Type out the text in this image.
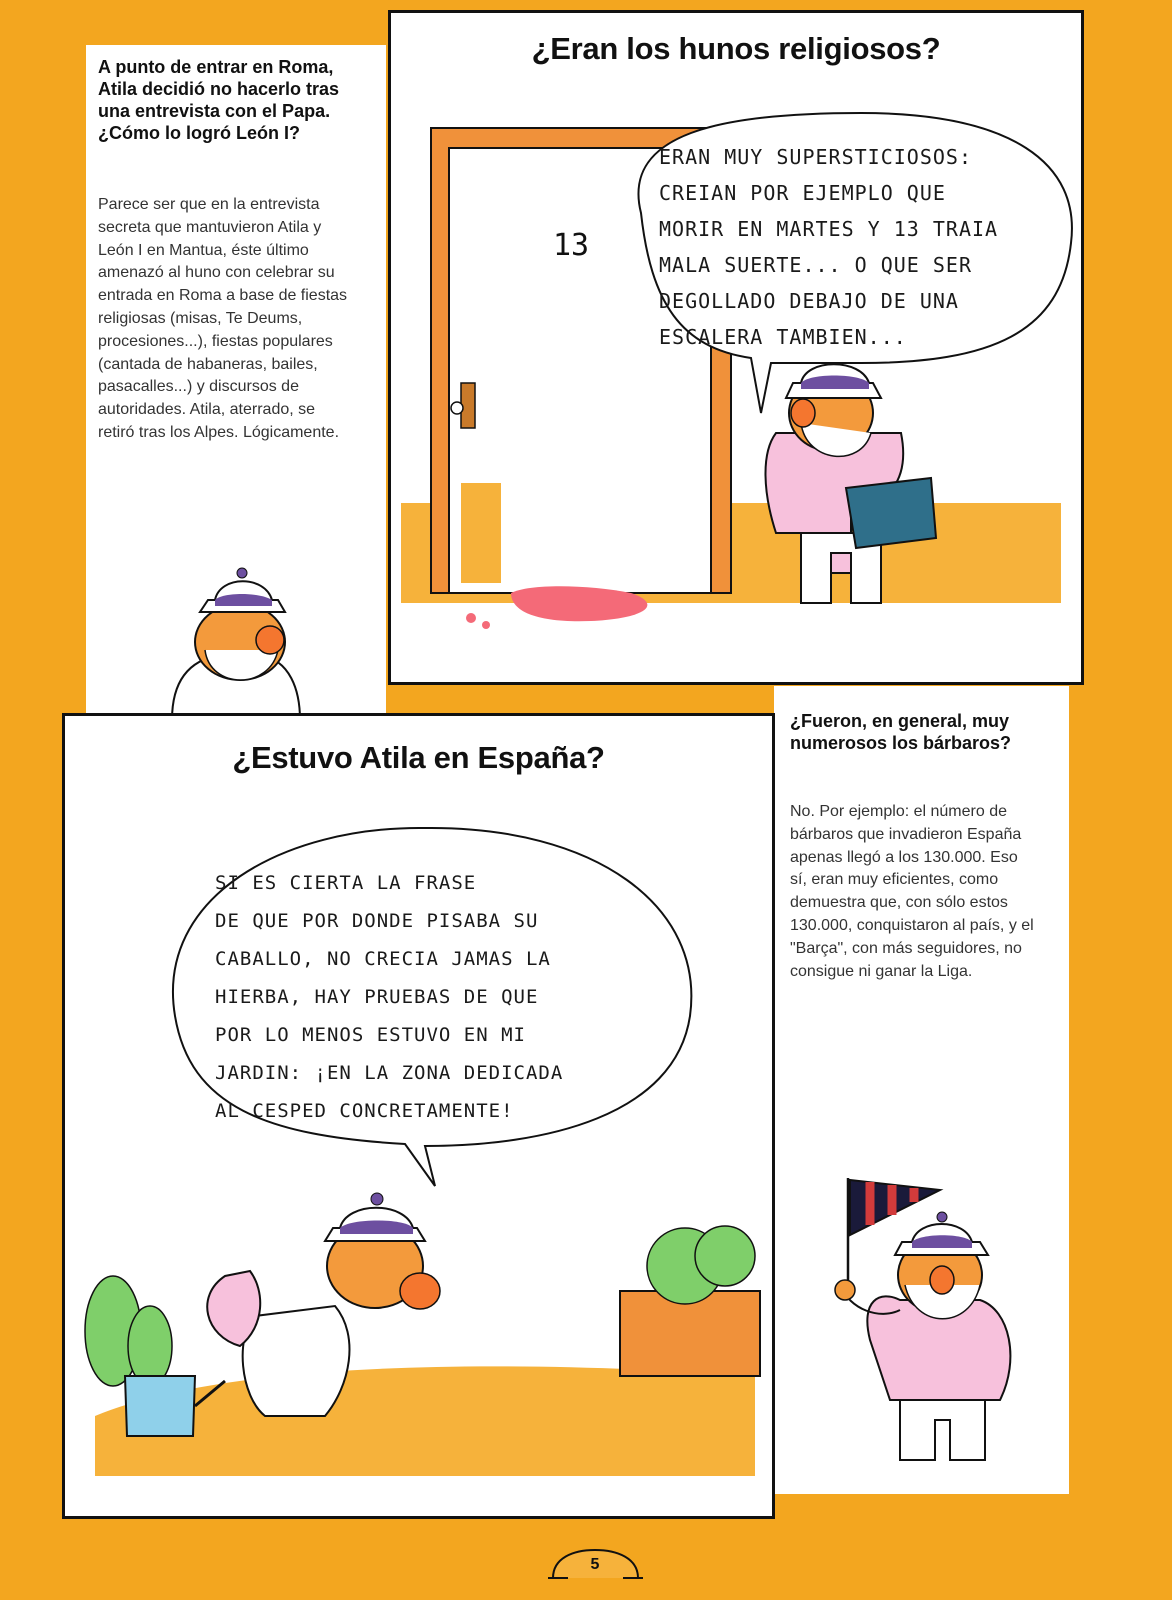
A punto de entrar en Roma, Atila decidió no hacerlo tras una entrevista con el Papa. ¿Cómo lo logró León I?
Parece ser que en la entrevista secreta que mantuvieron Atila y León I en Mantua, éste último amenazó al huno con celebrar su entrada en Roma a base de fiestas religiosas (misas, Te Deums, procesiones...), fiestas populares (cantada de habaneras, bailes, pasacalles...) y discursos de autoridades. Atila, aterrado, se retiró tras los Alpes. Lógicamente.
¿Eran los hunos religiosos?
ERAN MUY SUPERSTICIOSOS:
CREIAN POR EJEMPLO QUE
MORIR EN MARTES Y 13 TRAIA
MALA SUERTE... O QUE SER
DEGOLLADO DEBAJO DE UNA
ESCALERA TAMBIEN...
13
¿Estuvo Atila en España?
SI ES CIERTA LA FRASE
DE QUE POR DONDE PISABA SU
CABALLO, NO CRECIA JAMAS LA
HIERBA, HAY PRUEBAS DE QUE
POR LO MENOS ESTUVO EN MI
JARDIN: ¡EN LA ZONA DEDICADA
AL CESPED CONCRETAMENTE!
¿Fueron, en general, muy numerosos los bárbaros?
No. Por ejemplo: el número de bárbaros que invadieron España apenas llegó a los 130.000. Eso sí, eran muy eficientes, como demuestra que, con sólo estos 130.000, conquistaron al país, y el "Barça", con más seguidores, no consigue ni ganar la Liga.
5
